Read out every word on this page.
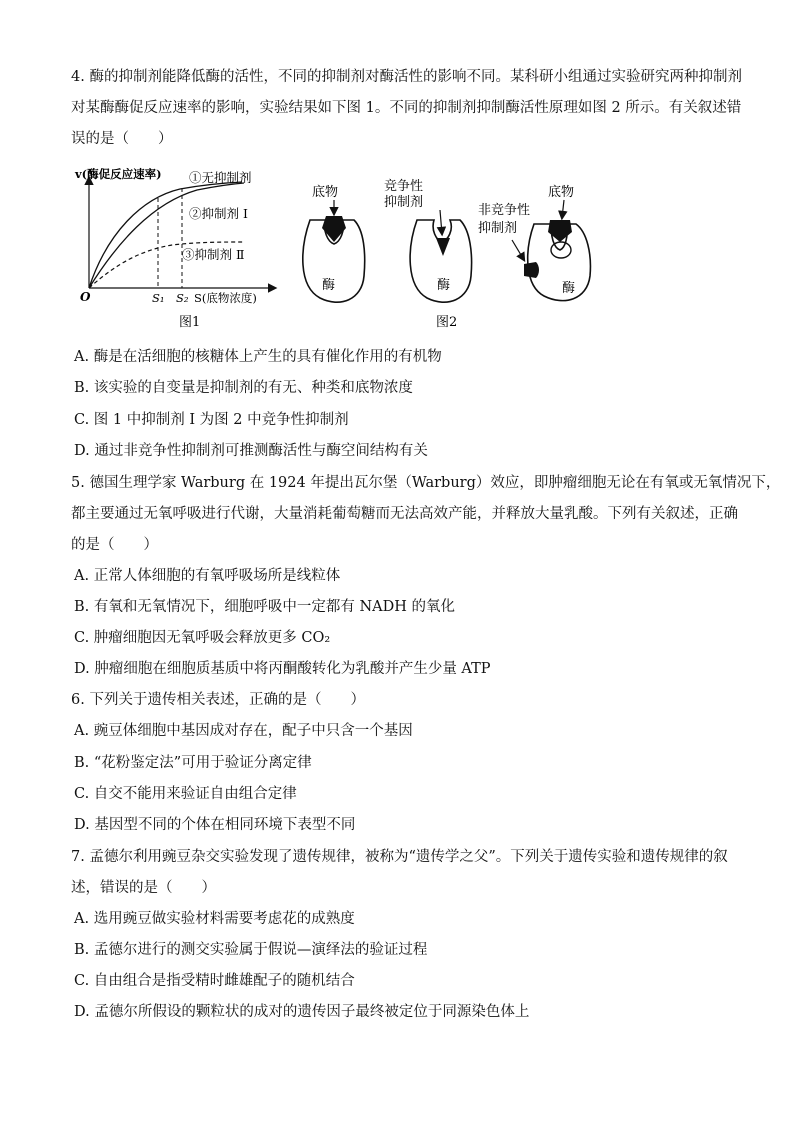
4. 酶的抑制剂能降低酶的活性，不同的抑制剂对酶活性的影响不同。某科研小组通过实验研究两种抑制剂
对某酶酶促反应速率的影响，实验结果如下图 1。不同的抑制剂抑制酶活性原理如图 2 所示。有关叙述错
误的是（　　）
v(酶促反应速率)
O	S₁ S₂ S(底物浓度)
①无抑制剂
②抑制剂 Ⅰ
③抑制剂 Ⅱ
图1
底物
酶
竞争性
抑制剂
酶
底物
非竞争性
抑制剂
酶
图2
A. 酶是在活细胞的核糖体上产生的具有催化作用的有机物
B. 该实验的自变量是抑制剂的有无、种类和底物浓度
C. 图 1 中抑制剂 I 为图 2 中竞争性抑制剂
D. 通过非竞争性抑制剂可推测酶活性与酶空间结构有关
5. 德国生理学家 Warburg 在 1924 年提出瓦尔堡（Warburg）效应，即肿瘤细胞无论在有氧或无氧情况下，
都主要通过无氧呼吸进行代谢，大量消耗葡萄糖而无法高效产能，并释放大量乳酸。下列有关叙述，正确
的是（　　）
A. 正常人体细胞的有氧呼吸场所是线粒体
B. 有氧和无氧情况下，细胞呼吸中一定都有 NADH 的氧化
C. 肿瘤细胞因无氧呼吸会释放更多 CO₂
D. 肿瘤细胞在细胞质基质中将丙酮酸转化为乳酸并产生少量 ATP
6. 下列关于遗传相关表述，正确的是（　　）
A. 豌豆体细胞中基因成对存在，配子中只含一个基因
B. “花粉鉴定法”可用于验证分离定律
C. 自交不能用来验证自由组合定律
D. 基因型不同的个体在相同环境下表型不同
7. 孟德尔利用豌豆杂交实验发现了遗传规律，被称为“遗传学之父”。下列关于遗传实验和遗传规律的叙
述，错误的是（　　）
A. 选用豌豆做实验材料需要考虑花的成熟度
B. 孟德尔进行的测交实验属于假说—演绎法的验证过程
C. 自由组合是指受精时雌雄配子的随机结合
D. 孟德尔所假设的颗粒状的成对的遗传因子最终被定位于同源染色体上
